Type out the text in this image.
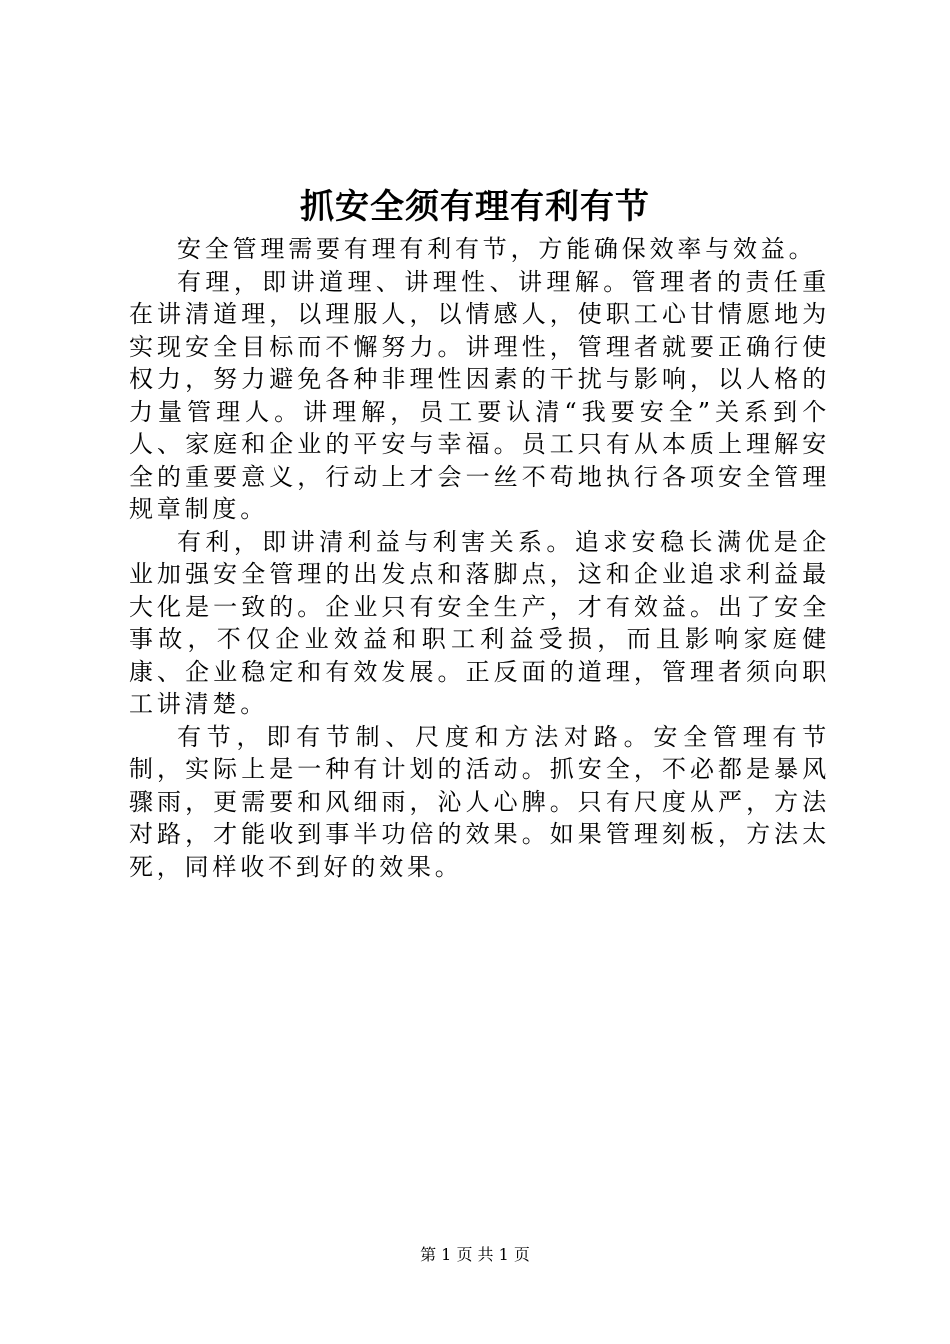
抓安全须有理有利有节

安全管理需要有理有利有节，方能确保效率与效益。

有理，即讲道理、讲理性、讲理解。管理者的责任重在讲清道理，以理服人，以情感人，使职工心甘情愿地为实现安全目标而不懈努力。讲理性，管理者就要正确行使权力，努力避免各种非理性因素的干扰与影响，以人格的力量管理人。讲理解，员工要认清“我要安全”关系到个人、家庭和企业的平安与幸福。员工只有从本质上理解安全的重要意义，行动上才会一丝不苟地执行各项安全管理规章制度。

有利，即讲清利益与利害关系。追求安稳长满优是企业加强安全管理的出发点和落脚点，这和企业追求利益最大化是一致的。企业只有安全生产，才有效益。出了安全事故，不仅企业效益和职工利益受损，而且影响家庭健康、企业稳定和有效发展。正反面的道理，管理者须向职工讲清楚。

有节，即有节制、尺度和方法对路。安全管理有节制，实际上是一种有计划的活动。抓安全，不必都是暴风骤雨，更需要和风细雨，沁人心脾。只有尺度从严，方法对路，才能收到事半功倍的效果。如果管理刻板，方法太死，同样收不到好的效果。

第 1 页 共 1 页
